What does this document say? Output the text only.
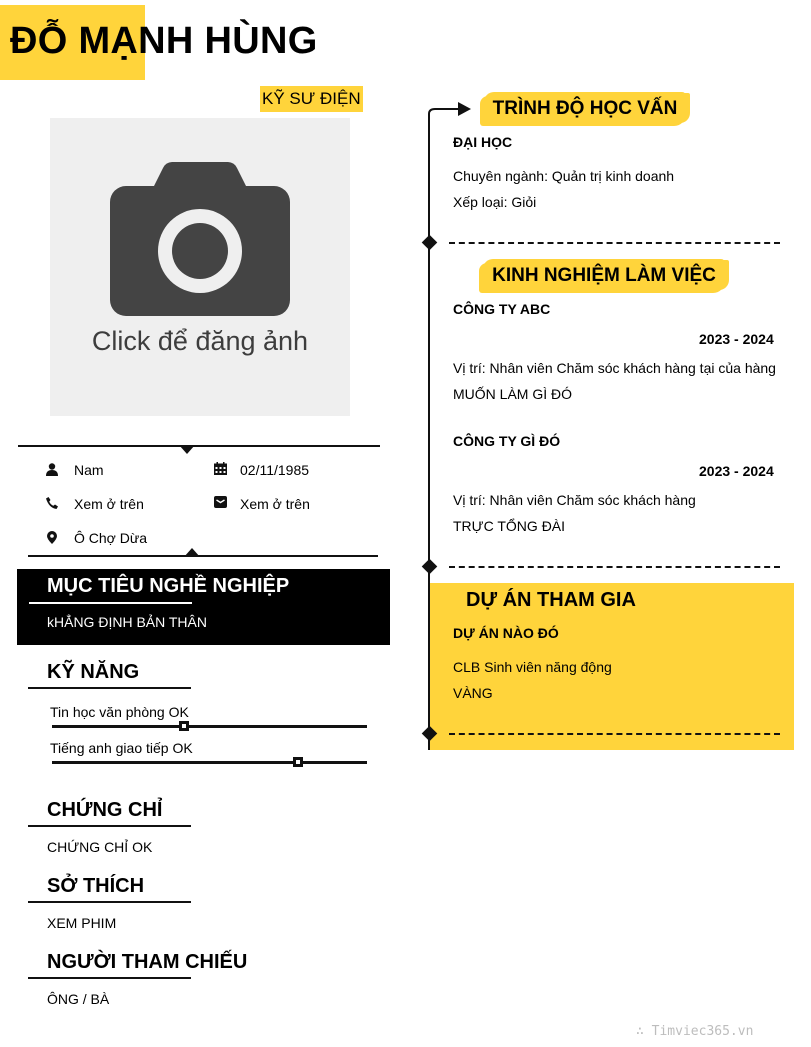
ĐỖ MẠNH HÙNG
KỸ SƯ ĐIỆN
Click để đăng ảnh
Nam	02/11/1985
Xem ở trên	Xem ở trên
Ô Chợ Dừa
MỤC TIÊU NGHỀ NGHIỆP
kHẲNG ĐỊNH BẢN THÂN
KỸ NĂNG
Tin học văn phòng OK
Tiếng anh giao tiếp OK
CHỨNG CHỈ
CHỨNG CHỈ OK
SỞ THÍCH
XEM PHIM
NGƯỜI THAM CHIẾU
ÔNG / BÀ
TRÌNH ĐỘ HỌC VẤN
ĐẠI HỌC
Chuyên ngành: Quản trị kinh doanh
Xếp loại: Giỏi
KINH NGHIỆM LÀM VIỆC
CÔNG TY ABC
2023 - 2024
Vị trí: Nhân viên Chăm sóc khách hàng tại của hàng
MUỐN LÀM GÌ ĐÓ
CÔNG TY GÌ ĐÓ
2023 - 2024
Vị trí: Nhân viên Chăm sóc khách hàng
TRỰC TỔNG ĐÀI
DỰ ÁN THAM GIA
DỰ ÁN NÀO ĐÓ
CLB Sinh viên năng động
VÀNG
∴ Timviec365.vn
